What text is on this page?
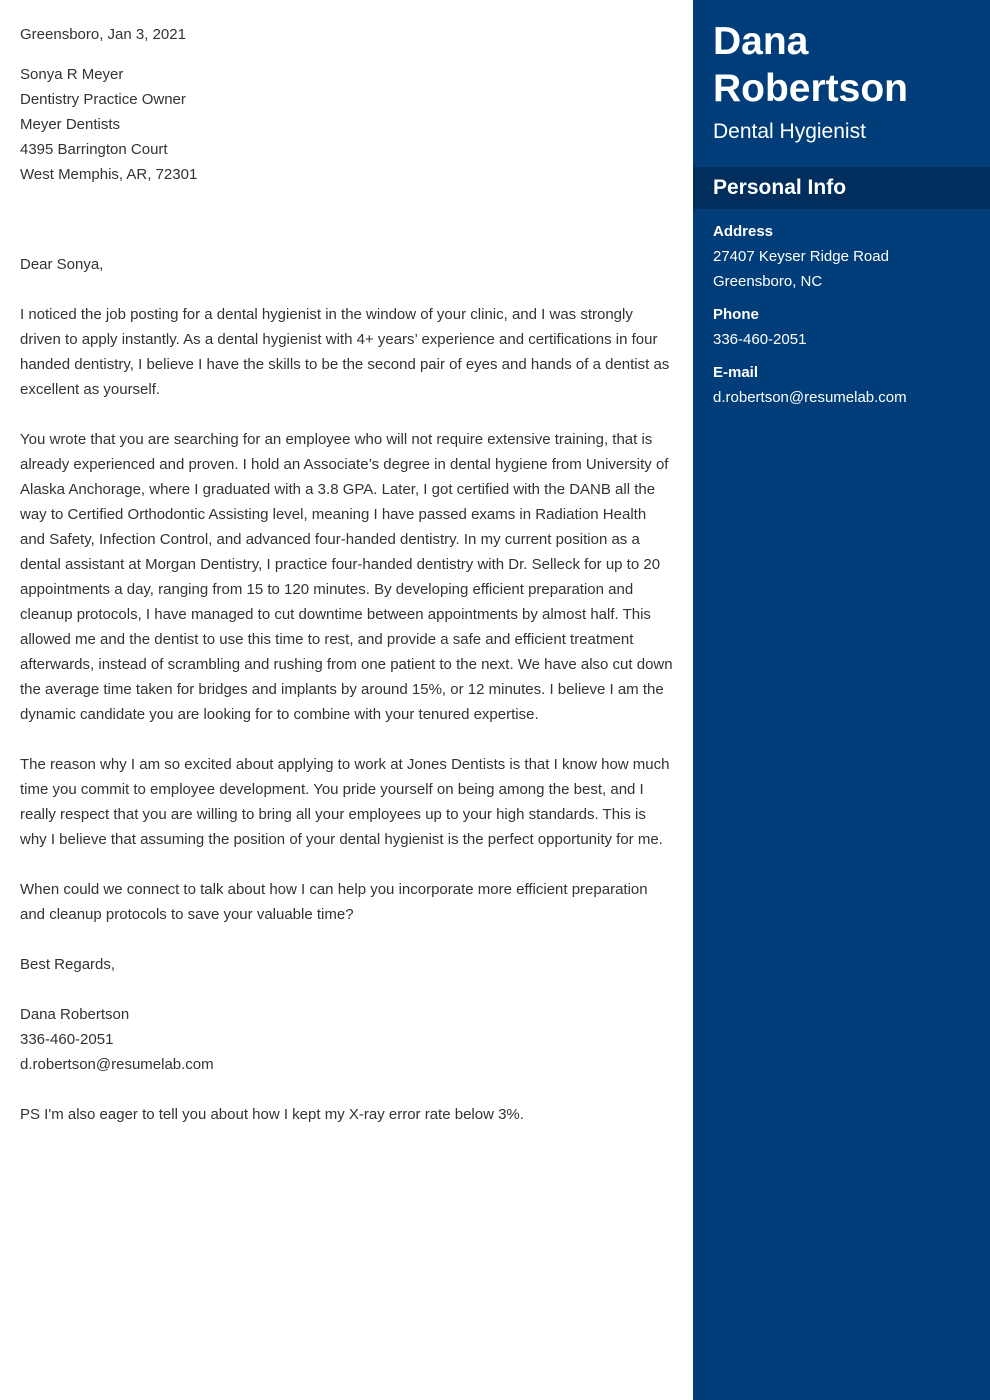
Greensboro, Jan 3, 2021
Sonya R Meyer
Dentistry Practice Owner
Meyer Dentists
4395 Barrington Court
West Memphis, AR, 72301
Dear Sonya,

I noticed the job posting for a dental hygienist in the window of your clinic, and I was strongly driven to apply instantly. As a dental hygienist with 4+ years’ experience and certifications in four handed dentistry, I believe I have the skills to be the second pair of eyes and hands of a dentist as excellent as yourself.

You wrote that you are searching for an employee who will not require extensive training, that is already experienced and proven. I hold an Associate’s degree in dental hygiene from University of Alaska Anchorage, where I graduated with a 3.8 GPA. Later, I got certified with the DANB all the way to Certified Orthodontic Assisting level, meaning I have passed exams in Radiation Health and Safety, Infection Control, and advanced four-handed dentistry. In my current position as a dental assistant at Morgan Dentistry, I practice four-handed dentistry with Dr. Selleck for up to 20 appointments a day, ranging from 15 to 120 minutes. By developing efficient preparation and cleanup protocols, I have managed to cut downtime between appointments by almost half. This allowed me and the dentist to use this time to rest, and provide a safe and efficient treatment afterwards, instead of scrambling and rushing from one patient to the next. We have also cut down the average time taken for bridges and implants by around 15%, or 12 minutes. I believe I am the dynamic candidate you are looking for to combine with your tenured expertise.

The reason why I am so excited about applying to work at Jones Dentists is that I know how much time you commit to employee development. You pride yourself on being among the best, and I really respect that you are willing to bring all your employees up to your high standards. This is why I believe that assuming the position of your dental hygienist is the perfect opportunity for me.

When could we connect to talk about how I can help you incorporate more efficient preparation and cleanup protocols to save your valuable time?

Best Regards,
Dana Robertson
336-460-2051
d.robertson@resumelab.com

PS I'm also eager to tell you about how I kept my X-ray error rate below 3%.

Dana
Robertson
Dental Hygienist
Personal Info
Address
27407 Keyser Ridge Road
Greensboro, NC
Phone
336-460-2051
E-mail
d.robertson@resumelab.com
